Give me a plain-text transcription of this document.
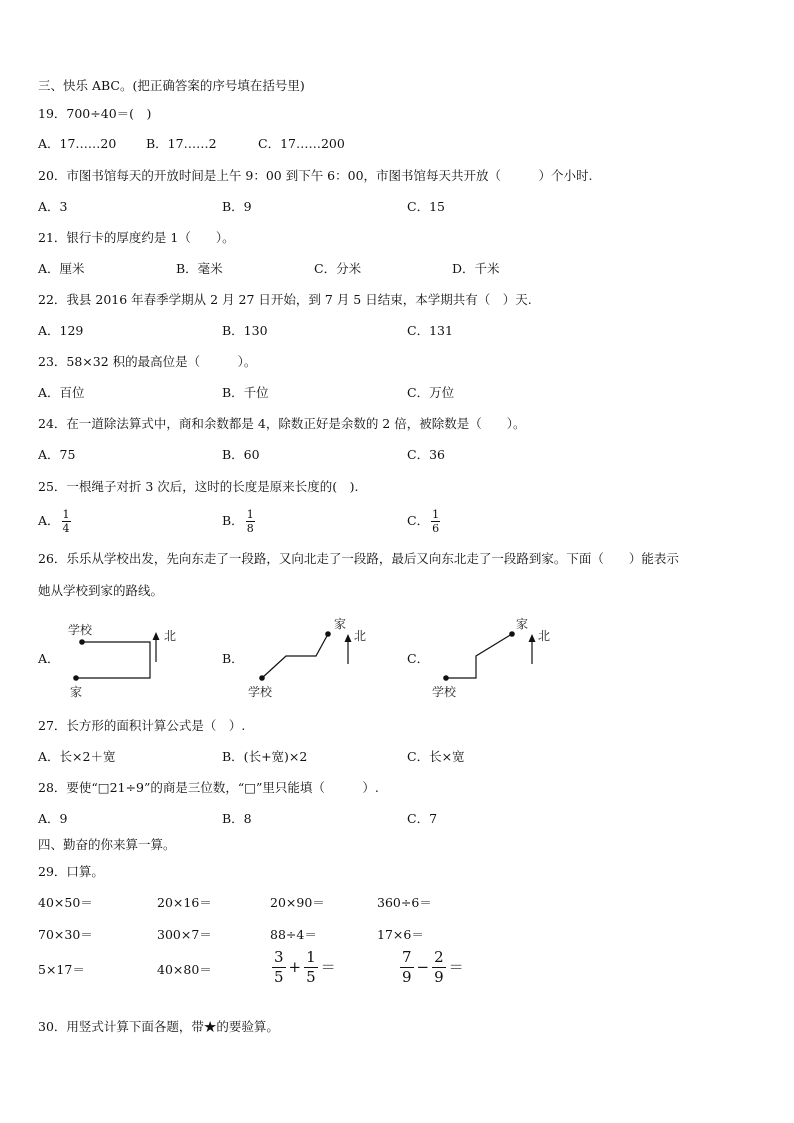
三、快乐 ABC。(把正确答案的序号填在括号里)
19．700÷40＝(　)
A．17……20 B．17……2	C．17……200
20．市图书馆每天的开放时间是上午 9：00 到下午 6：00，市图书馆每天共开放（　　　）个小时.
A．3	B．9	C．15
21．银行卡的厚度约是 1（　　）。
A．厘米	B．毫米	C．分米	D．千米
22．我县 2016 年春季学期从 2 月 27 日开始，到 7 月 5 日结束，本学期共有（　）天.
A．129	B．130	C．131
23．58×32 积的最高位是（　　　）。
A．百位	B．千位	C．万位
24．在一道除法算式中，商和余数都是 4，除数正好是余数的 2 倍，被除数是（　　）。
A．75	B．60	C．36
25．一根绳子对折 3 次后，这时的长度是原来长度的(　).
A． $\frac{1}{4}$	B． $\frac{1}{8}$	C． $\frac{1}{6}$
26．乐乐从学校出发，先向东走了一段路，又向北走了一段路，最后又向东北走了一段路到家。下面（　　）能表示
她从学校到家的路线。
A．
学校
家
北
B．
家
学校
北
C．
家
学校
北
27．长方形的面积计算公式是（　）.
A．长×2＋宽	B．(长+宽)×2	C．长×宽
28．要使“□21÷9”的商是三位数，“□”里只能填（　　　）.
A．9	B．8	C．7
四、勤奋的你来算一算。
29．口算。
40×50＝	20×16＝	20×90＝	360÷6＝
70×30＝	300×7＝	88÷4＝	17×6＝
5×17＝	40×80＝	$\frac{3}{5} + \frac{1}{5}$ ＝	$\frac{7}{9} - \frac{2}{9}$ ＝
30．用竖式计算下面各题，带★的要验算。
